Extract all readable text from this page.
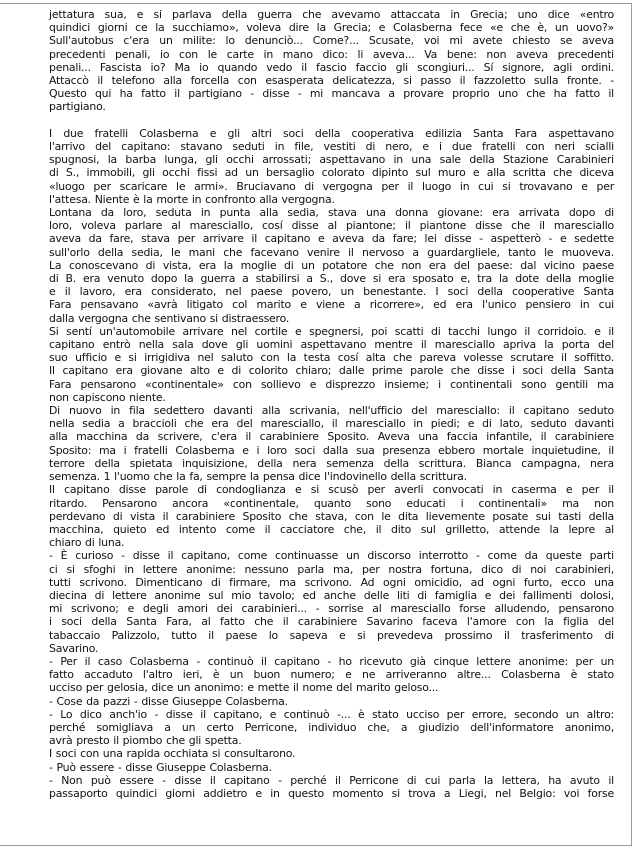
jettatura sua, e si parlava della guerra che avevamo attaccata in Grecia; uno dice «entro
quindici giorni ce la succhiamo», voleva dire la Grecia; e Colasberna fece «e che è, un uovo?»
Sull'autobus c'era un milite: lo denunciò... Come?... Scusate, voi mi avete chiesto se aveva
precedenti penali, io con le carte in mano dico: li aveva... Va bene: non aveva precedenti
penali... Fascista io? Ma io quando vedo il fascio faccio gli scongiuri... Sí signore, agli ordini.
Attaccò il telefono alla forcella con esasperata delicatezza, si passo il fazzoletto sulla fronte. -
Questo qui ha fatto il partigiano - disse - mi mancava a provare proprio uno che ha fatto il
partigiano.
I due fratelli Colasberna e gli altri soci della cooperativa edilizia Santa Fara aspettavano
l'arrivo del capitano: stavano seduti in file, vestiti di nero, e i due fratelli con neri scialli
spugnosi, la barba lunga, gli occhi arrossati; aspettavano in una sale della Stazione Carabinieri
di S., immobili, gli occhi fissi ad un bersaglio colorato dipinto sul muro e alla scritta che diceva
«luogo per scaricare le armi». Bruciavano di vergogna per il luogo in cui si trovavano e per
l'attesa. Niente è la morte in confronto alla vergogna.
Lontana da loro, seduta in punta alla sedia, stava una donna giovane: era arrivata dopo di
loro, voleva parlare al maresciallo, cosí disse al piantone; il piantone disse che il maresciallo
aveva da fare, stava per arrivare il capitano e aveva da fare; lei disse - aspetterò - e sedette
sull'orlo della sedia, le mani che facevano venire il nervoso a guardargliele, tanto le muoveva.
La conoscevano di vista, era la moglie di un potatore che non era del paese: dal vicino paese
di B. era venuto dopo la guerra a stabilirsi a S., dove si era sposato e, tra la dote della moglie
e il lavoro, era considerato, nel paese povero, un benestante. I soci della cooperative Santa
Fara pensavano «avrà litigato col marito e viene a ricorrere», ed era l'unico pensiero in cui
dalla vergogna che sentivano si distraessero.
Si sentí un'automobile arrivare nel cortile e spegnersi, poi scatti di tacchi lungo il corridoio. e il
capitano entrò nella sala dove gli uomini aspettavano mentre il maresciallo apriva la porta del
suo ufficio e si irrigidiva nel saluto con la testa cosí alta che pareva volesse scrutare il soffitto.
Il capitano era giovane alto e di colorito chiaro; dalle prime parole che disse i soci della Santa
Fara pensarono «continentale» con sollievo e disprezzo insieme; i continentali sono gentili ma
non capiscono niente.
Di nuovo in fila sedettero davanti alla scrivania, nell'ufficio del maresciallo: il capitano seduto
nella sedia a braccioli che era del maresciallo, il maresciallo in piedi; e di lato, seduto davanti
alla macchina da scrivere, c'era il carabiniere Sposito. Aveva una faccia infantile, il carabiniere
Sposito: ma i fratelli Colasberna e i loro soci dalla sua presenza ebbero mortale inquietudine, il
terrore della spietata inquisizione, della nera semenza della scrittura. Bianca campagna, nera
semenza. 1 l'uomo che la fa, sempre la pensa dice l'indovinello della scrittura.
Il capitano disse parole di condoglianza e si scusò per averli convocati in caserma e per il
ritardo. Pensarono ancora «continentale, quanto sono educati i continentali» ma non
perdevano di vista il carabiniere Sposito che stava, con le dita lievemente posate sui tasti della
macchina, quieto ed intento come il cacciatore che, il dito sul grilletto, attende la lepre al
chiaro di luna.
- È curioso - disse il capitano, come continuasse un discorso interrotto - come da queste parti
ci si sfoghi in lettere anonime: nessuno parla ma, per nostra fortuna, dico di noi carabinieri,
tutti scrivono. Dimenticano di firmare, ma scrivono. Ad ogni omicidio, ad ogni furto, ecco una
diecina di lettere anonime sul mio tavolo; ed anche delle liti di famiglia e dei fallimenti dolosi,
mi scrivono; e degli amori dei carabinieri... - sorrise al maresciallo forse alludendo, pensarono
i soci della Santa Fara, al fatto che il carabiniere Savarino faceva l'amore con la figlia del
tabaccaio Palizzolo, tutto il paese lo sapeva e si prevedeva prossimo il trasferimento di
Savarino.
- Per il caso Colasberna - continuò il capitano - ho ricevuto già cinque lettere anonime: per un
fatto accaduto l'altro ieri, è un buon numero; e ne arriveranno altre... Colasberna è stato
ucciso per gelosia, dice un anonimo: e mette il nome del marito geloso...
- Cose da pazzi - disse Giuseppe Colasberna.
- Lo dico anch'io - disse il capitano, e continuò -... è stato ucciso per errore, secondo un altro:
perché somigliava a un certo Perricone, individuo che, a giudizio dell'informatore anonimo,
avrà presto il piombo che gli spetta.
I soci con una rapida occhiata si consultarono.
- Può essere - disse Giuseppe Colasberna.
- Non può essere - disse il capitano - perché il Perricone di cui parla la lettera, ha avuto il
passaporto quindici giorni addietro e in questo momento si trova a Liegi, nel Belgio: voi forse
